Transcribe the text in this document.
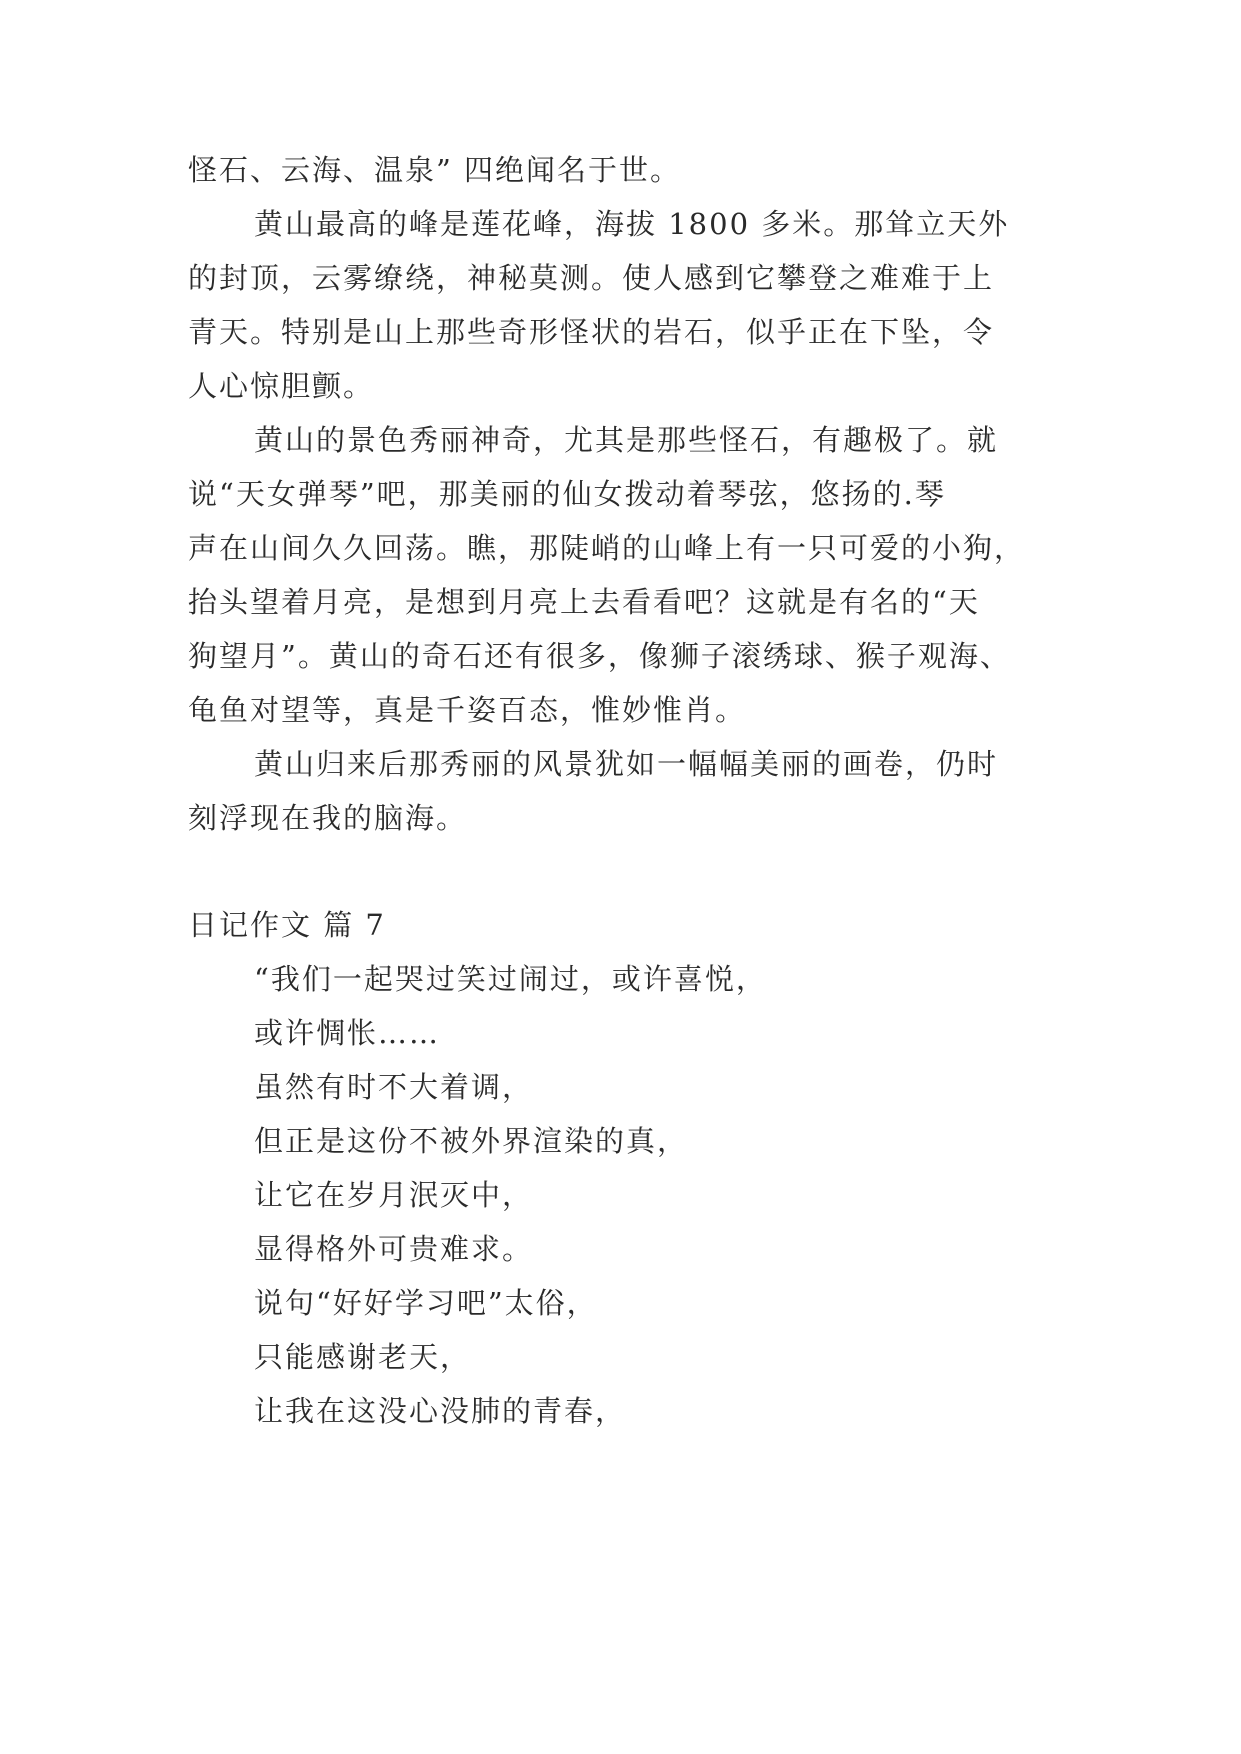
怪石、云海、温泉” 四绝闻名于世。
黄山最高的峰是莲花峰，海拔 1800 多米。那耸立天外
的封顶，云雾缭绕，神秘莫测。使人感到它攀登之难难于上
青天。特别是山上那些奇形怪状的岩石，似乎正在下坠，令
人心惊胆颤。
黄山的景色秀丽神奇，尤其是那些怪石，有趣极了。就
说“天女弹琴”吧，那美丽的仙女拨动着琴弦，悠扬的.琴
声在山间久久回荡。瞧，那陡峭的山峰上有一只可爱的小狗，
抬头望着月亮，是想到月亮上去看看吧？这就是有名的“天
狗望月”。黄山的奇石还有很多，像狮子滚绣球、猴子观海、
龟鱼对望等，真是千姿百态，惟妙惟肖。
黄山归来后那秀丽的风景犹如一幅幅美丽的画卷，仍时
刻浮现在我的脑海。
日记作文 篇 7
“我们一起哭过笑过闹过，或许喜悦，
或许惆怅……
虽然有时不大着调，
但正是这份不被外界渲染的真，
让它在岁月泯灭中，
显得格外可贵难求。
说句“好好学习吧”太俗，
只能感谢老天，
让我在这没心没肺的青春，
